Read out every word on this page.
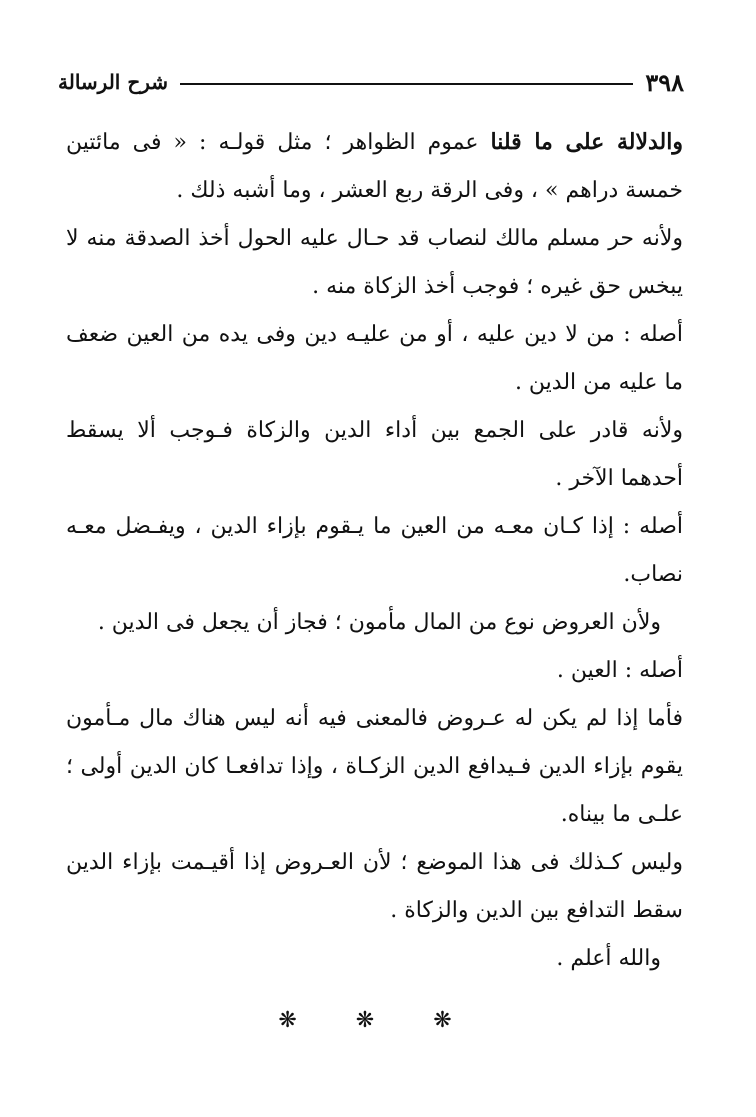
٣٩٨
شرح الرسالة

والدلالة على ما قلنا عموم الظواهر ؛ مثل قولـه : « فى مائتين خمسة دراهم » ، وفى الرقة ربع العشر ، وما أشبه ذلك .

ولأنه حر مسلم مالك لنصاب قد حـال عليه الحول أخذ الصدقة منه لا يبخس حق غيره ؛ فوجب أخذ الزكاة منه .

أصله : من لا دين عليه ، أو من عليـه دين وفى يده من العين ضعف ما عليه من الدين .

ولأنه قادر على الجمع بين أداء الدين والزكاة فـوجب ألا يسقط أحدهما الآخر .

أصله : إذا كـان معـه من العين ما يـقوم بإزاء الدين ، ويفـضل معـه نصاب.

ولأن العروض نوع من المال مأمون ؛ فجاز أن يجعل فى الدين .

أصله : العين .

فأما إذا لم يكن له عـروض فالمعنى فيه أنه ليس هناك مال مـأمون يقوم بإزاء الدين فـيدافع الدين الزكـاة ، وإذا تدافعـا كان الدين أولى ؛ علـى ما بيناه.

وليس كـذلك فى هذا الموضع ؛ لأن العـروض إذا أقيـمت بإزاء الدين سقط التدافع بين الدين والزكاة .

والله أعلم .

❋ ❋ ❋
